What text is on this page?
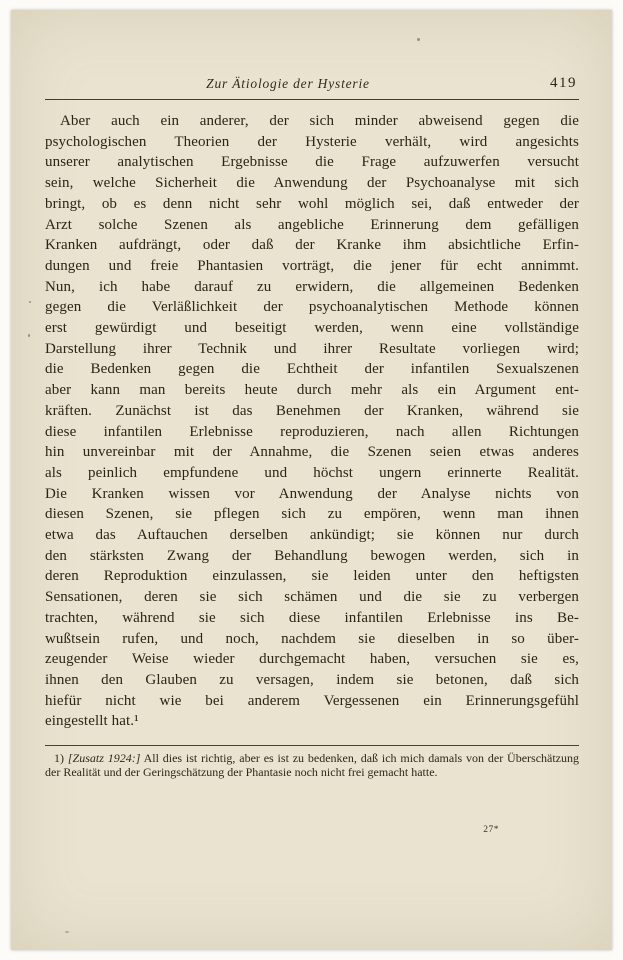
Zur Ätiologie der Hysterie	419
Aber auch ein anderer, der sich minder abweisend gegen die
psychologischen Theorien der Hysterie verhält, wird angesichts
unserer analytischen Ergebnisse die Frage aufzuwerfen versucht
sein, welche Sicherheit die Anwendung der Psychoanalyse mit sich
bringt, ob es denn nicht sehr wohl möglich sei, daß entweder der
Arzt solche Szenen als angebliche Erinnerung dem gefälligen
Kranken aufdrängt, oder daß der Kranke ihm absichtliche Erfin-
dungen und freie Phantasien vorträgt, die jener für echt annimmt.
Nun, ich habe darauf zu erwidern, die allgemeinen Bedenken
gegen die Verläßlichkeit der psychoanalytischen Methode können
erst gewürdigt und beseitigt werden, wenn eine vollständige
Darstellung ihrer Technik und ihrer Resultate vorliegen wird;
die Bedenken gegen die Echtheit der infantilen Sexualszenen
aber kann man bereits heute durch mehr als ein Argument ent-
kräften. Zunächst ist das Benehmen der Kranken, während sie
diese infantilen Erlebnisse reproduzieren, nach allen Richtungen
hin unvereinbar mit der Annahme, die Szenen seien etwas anderes
als peinlich empfundene und höchst ungern erinnerte Realität.
Die Kranken wissen vor Anwendung der Analyse nichts von
diesen Szenen, sie pflegen sich zu empören, wenn man ihnen
etwa das Auftauchen derselben ankündigt; sie können nur durch
den stärksten Zwang der Behandlung bewogen werden, sich in
deren Reproduktion einzulassen, sie leiden unter den heftigsten
Sensationen, deren sie sich schämen und die sie zu verbergen
trachten, während sie sich diese infantilen Erlebnisse ins Be-
wußtsein rufen, und noch, nachdem sie dieselben in so über-
zeugender Weise wieder durchgemacht haben, versuchen sie es,
ihnen den Glauben zu versagen, indem sie betonen, daß sich
hiefür nicht wie bei anderem Vergessenen ein Erinnerungsgefühl
eingestellt hat.¹

1) [Zusatz 1924:] All dies ist richtig, aber es ist zu bedenken, daß ich mich damals von der Überschätzung der Realität und der Geringschätzung der Phantasie noch nicht frei gemacht hatte.

27*
